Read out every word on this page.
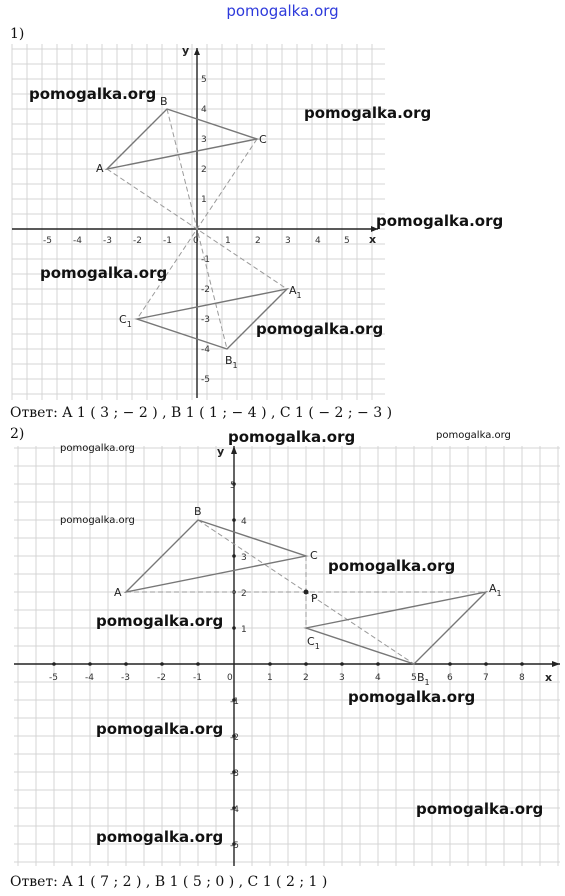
pomogalka.org
1)
x
y
-5 -4 -3 -2 -1 0	1	2	3	4	5
5
4
3
2
1
-1
-2
-3
-4
-5
A
B
C
$A_1$
$B_1$
$C_1$
pomogalka.org
pomogalka.org
pomogalka.org
pomogalka.org
pomogalka.org
x
y
-5	-4	-3	-2	-1	0	1	2	3	4	5	6	7	8
5
4
3
2
1
-1
-2
-3
-4
-5
A
B
C
P
$A_1$
$B_1$
$C_1$
pomogalka.org	pomogalka.org
pomogalka.org
pomogalka.org
pomogalka.org
pomogalka.org
pomogalka.org
pomogalka.org
pomogalka.org
pomogalka.org
Ответ: A 1 ( 3 ; − 2 ) , B 1 ( 1 ; − 4 ) , C 1 ( − 2 ; − 3 )
2)
Ответ: A 1 ( 7 ; 2 ) , B 1 ( 5 ; 0 ) , C 1 ( 2 ; 1 )
